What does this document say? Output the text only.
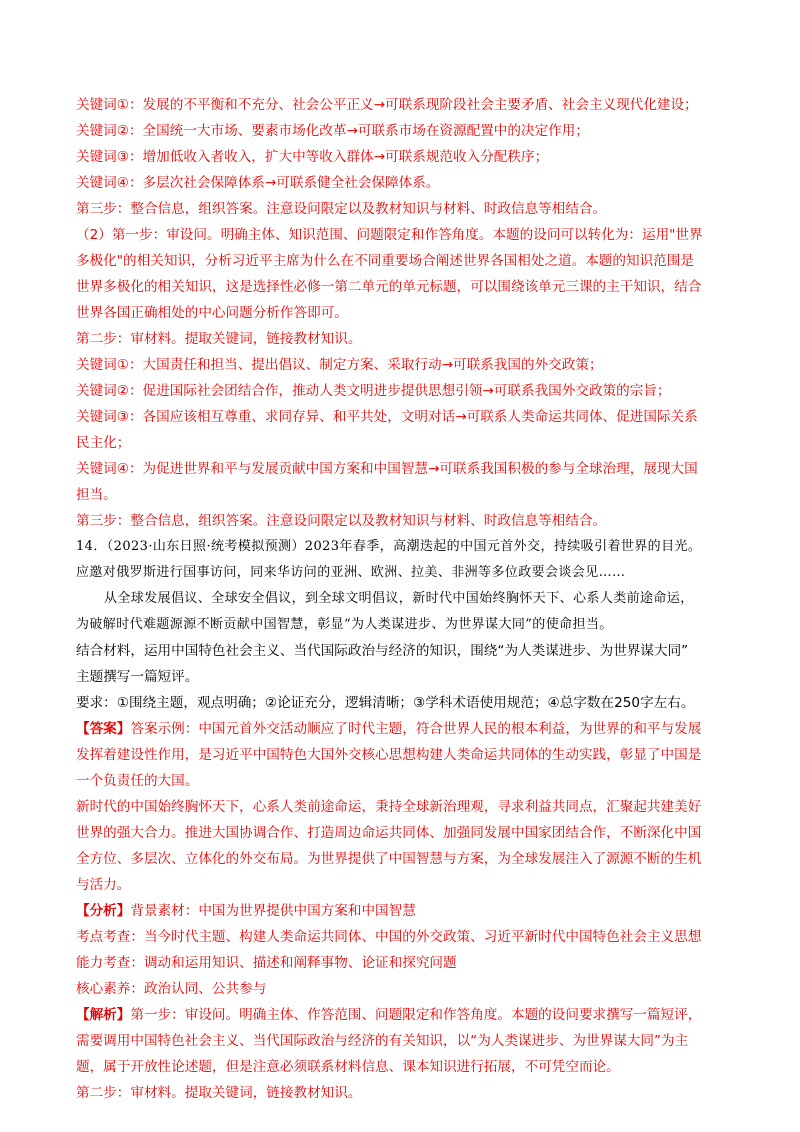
关键词①：发展的不平衡和不充分、社会公平正义→可联系现阶段社会主要矛盾、社会主义现代化建设；
关键词②：全国统一大市场、要素市场化改革→可联系市场在资源配置中的决定作用；
关键词③：增加低收入者收入，扩大中等收入群体→可联系规范收入分配秩序；
关键词④：多层次社会保障体系→可联系健全社会保障体系。
第三步：整合信息，组织答案。注意设问限定以及教材知识与材料、时政信息等相结合。
（2）第一步：审设问。明确主体、知识范围、问题限定和作答角度。本题的设问可以转化为：运用"世界
多极化"的相关知识，分析习近平主席为什么在不同重要场合阐述世界各国相处之道。本题的知识范围是
世界多极化的相关知识，这是选择性必修一第二单元的单元标题，可以围绕该单元三课的主干知识，结合
世界各国正确相处的中心问题分析作答即可。
第二步：审材料。提取关键词，链接教材知识。
关键词①：大国责任和担当、提出倡议、制定方案、采取行动→可联系我国的外交政策；
关键词②：促进国际社会团结合作，推动人类文明进步提供思想引领→可联系我国外交政策的宗旨；
关键词③：各国应该相互尊重、求同存异、和平共处，文明对话→可联系人类命运共同体、促进国际关系
民主化；
关键词④：为促进世界和平与发展贡献中国方案和中国智慧→可联系我国积极的参与全球治理，展现大国
担当。
第三步：整合信息，组织答案。注意设问限定以及教材知识与材料、时政信息等相结合。
14．（2023·山东日照·统考模拟预测）2023年春季，高潮迭起的中国元首外交，持续吸引着世界的目光。
应邀对俄罗斯进行国事访问，同来华访问的亚洲、欧洲、拉美、非洲等多位政要会谈会见……
从全球发展倡议、全球安全倡议，到全球文明倡议，新时代中国始终胸怀天下、心系人类前途命运，
为破解时代难题源源不断贡献中国智慧，彰显“为人类谋进步、为世界谋大同”的使命担当。
结合材料，运用中国特色社会主义、当代国际政治与经济的知识，围绕“为人类谋进步、为世界谋大同”
主题撰写一篇短评。
要求：①围绕主题，观点明确；②论证充分，逻辑清晰；③学科术语使用规范；④总字数在250字左右。
【答案】答案示例：中国元首外交活动顺应了时代主题，符合世界人民的根本利益，为世界的和平与发展
发挥着建设性作用，是习近平中国特色大国外交核心思想构建人类命运共同体的生动实践，彰显了中国是
一个负责任的大国。
新时代的中国始终胸怀天下，心系人类前途命运，秉持全球新治理观，寻求利益共同点，汇聚起共建美好
世界的强大合力。推进大国协调合作、打造周边命运共同体、加强同发展中国家团结合作，不断深化中国
全方位、多层次、立体化的外交布局。为世界提供了中国智慧与方案，为全球发展注入了源源不断的生机
与活力。
【分析】背景素材：中国为世界提供中国方案和中国智慧
考点考查：当今时代主题、构建人类命运共同体、中国的外交政策、习近平新时代中国特色社会主义思想
能力考查：调动和运用知识、描述和阐释事物、论证和探究问题
核心素养：政治认同、公共参与
【解析】第一步：审设问。明确主体、作答范围、问题限定和作答角度。本题的设问要求撰写一篇短评，
需要调用中国特色社会主义、当代国际政治与经济的有关知识，以“为人类谋进步、为世界谋大同”为主
题，属于开放性论述题，但是注意必须联系材料信息、课本知识进行拓展，不可凭空而论。
第二步：审材料。提取关键词，链接教材知识。
